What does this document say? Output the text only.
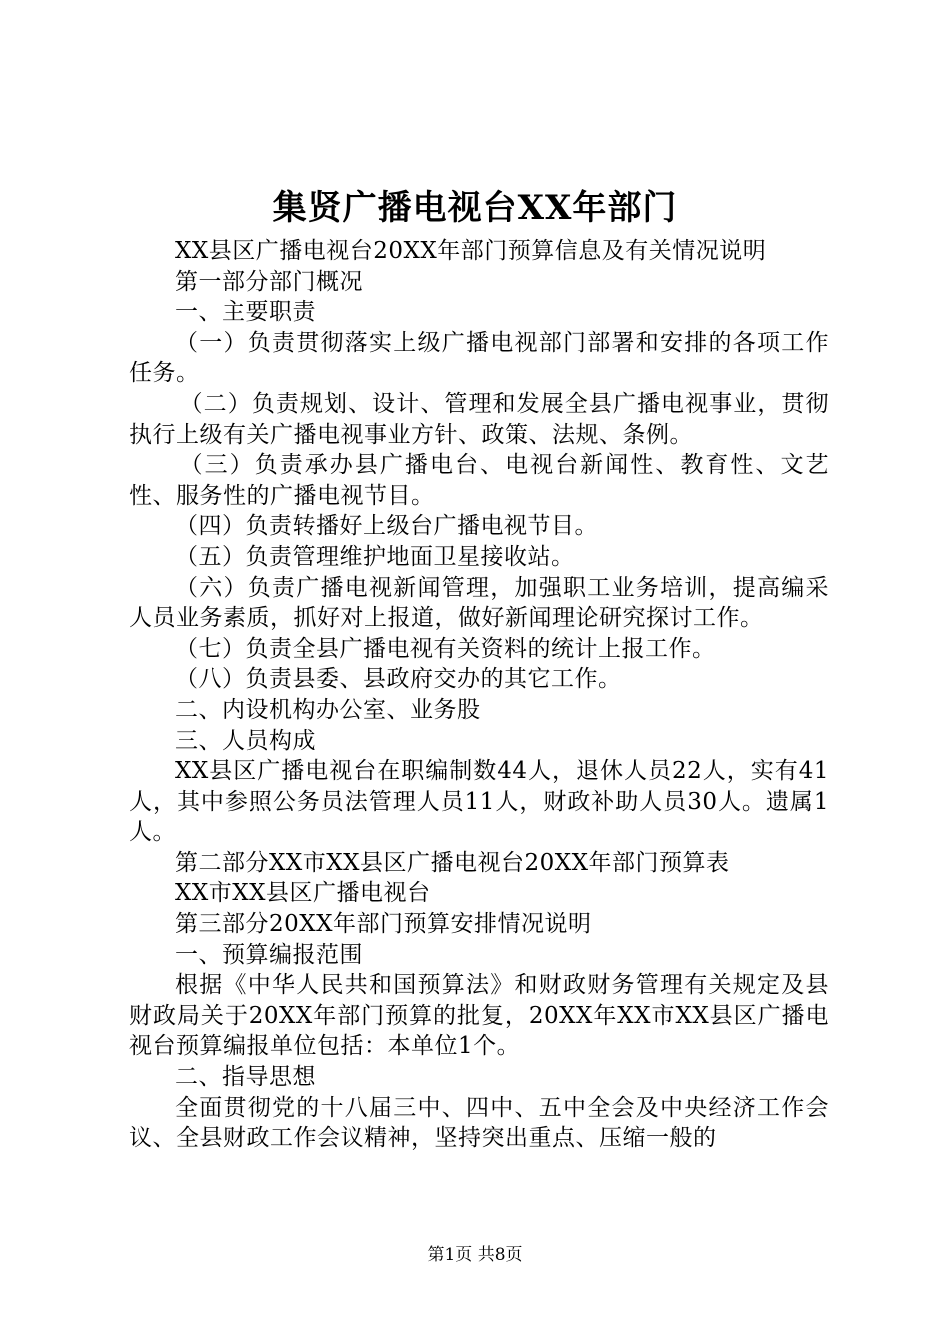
集贤广播电视台XX年部门

XX县区广播电视台20XX年部门预算信息及有关情况说明

第一部分部门概况

一、主要职责

（一）负责贯彻落实上级广播电视部门部署和安排的各项工作任务。

（二）负责规划、设计、管理和发展全县广播电视事业，贯彻执行上级有关广播电视事业方针、政策、法规、条例。

（三）负责承办县广播电台、电视台新闻性、教育性、文艺性、服务性的广播电视节目。

（四）负责转播好上级台广播电视节目。

（五）负责管理维护地面卫星接收站。

（六）负责广播电视新闻管理，加强职工业务培训，提高编采人员业务素质，抓好对上报道，做好新闻理论研究探讨工作。

（七）负责全县广播电视有关资料的统计上报工作。

（八）负责县委、县政府交办的其它工作。

二、内设机构办公室、业务股

三、人员构成

XX县区广播电视台在职编制数44人，退休人员22人，实有41人，其中参照公务员法管理人员11人，财政补助人员30人。遗属1人。

第二部分XX市XX县区广播电视台20XX年部门预算表

XX市XX县区广播电视台

第三部分20XX年部门预算安排情况说明

一、预算编报范围

根据《中华人民共和国预算法》和财政财务管理有关规定及县财政局关于20XX年部门预算的批复，20XX年XX市XX县区广播电视台预算编报单位包括：本单位1个。

二、指导思想

全面贯彻党的十八届三中、四中、五中全会及中央经济工作会议、全县财政工作会议精神，坚持突出重点、压缩一般的

第1页 共8页
